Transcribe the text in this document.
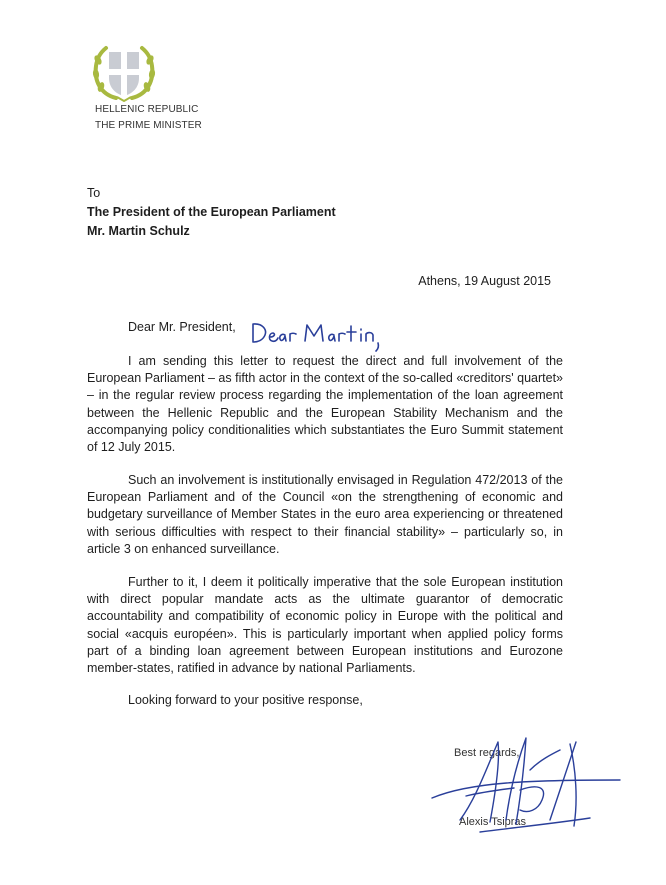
HELLENIC REPUBLIC
THE PRIME MINISTER
To
The President of the European Parliament
Mr. Martin Schulz
Athens, 19 August 2015
Dear Mr. President,

I am sending this letter to request the direct and full involvement of the European Parliament – as fifth actor in the context of the so-called «creditors' quartet» – in the regular review process regarding the implementation of the loan agreement between the Hellenic Republic and the European Stability Mechanism and the accompanying policy conditionalities which substantiates the Euro Summit statement of 12 July 2015.

Such an involvement is institutionally envisaged in Regulation 472/2013 of the European Parliament and of the Council «on the strengthening of economic and budgetary surveillance of Member States in the euro area experiencing or threatened with serious difficulties with respect to their financial stability» – particularly so, in article 3 on enhanced surveillance.

Further to it, I deem it politically imperative that the sole European institution with direct popular mandate acts as the ultimate guarantor of democratic accountability and compatibility of economic policy in Europe with the political and social «acquis européen». This is particularly important when applied policy forms part of a binding loan agreement between European institutions and Eurozone member-states, ratified in advance by national Parliaments.

Looking forward to your positive response,
Best regards,
Alexis Tsipras
